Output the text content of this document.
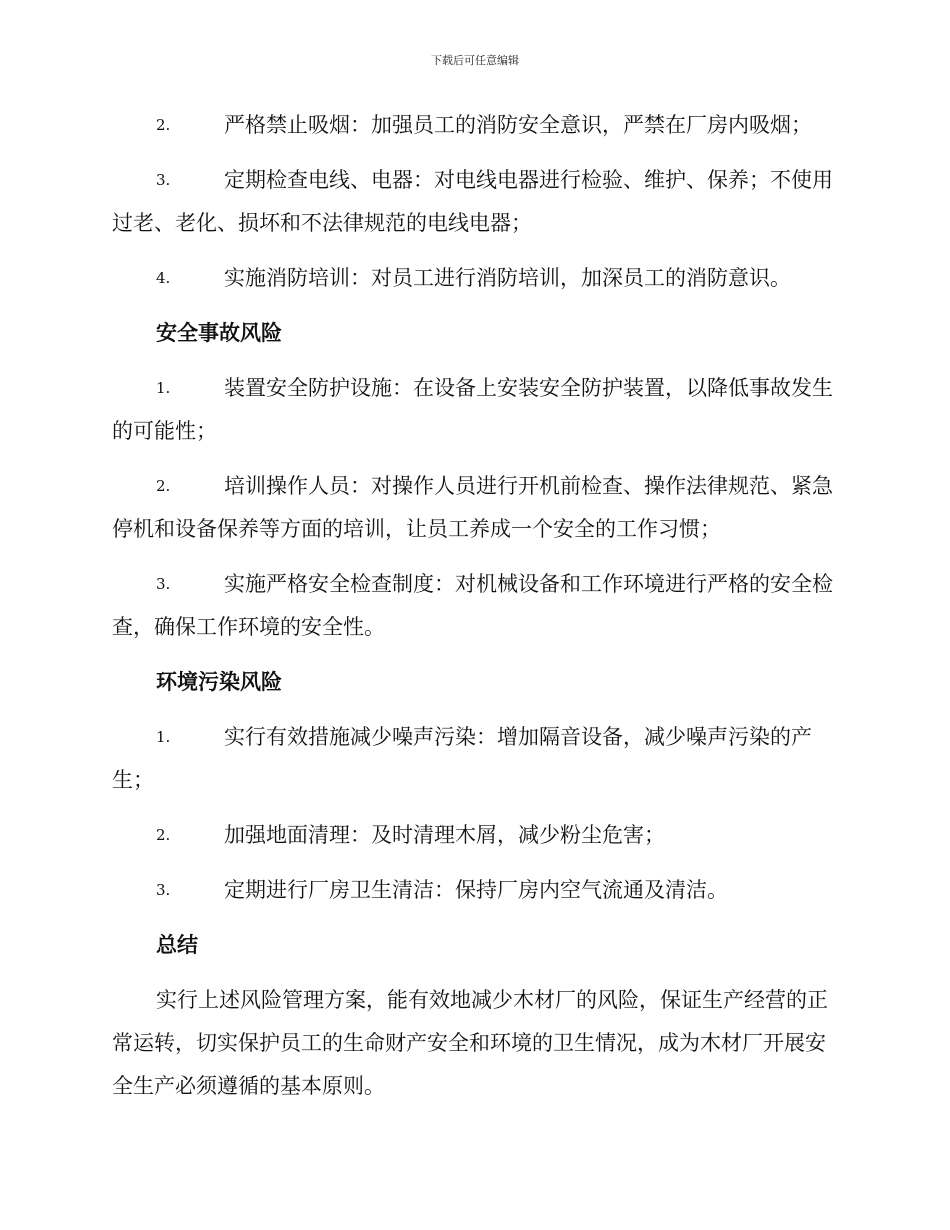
下载后可任意编辑
2.	严格禁止吸烟：加强员工的消防安全意识，严禁在厂房内吸烟；
3.	定期检查电线、电器：对电线电器进行检验、维护、保养；不使用过老、老化、损坏和不法律规范的电线电器；
4.	实施消防培训：对员工进行消防培训，加深员工的消防意识。
安全事故风险
1.	装置安全防护设施：在设备上安装安全防护装置，以降低事故发生的可能性；
2.	培训操作人员：对操作人员进行开机前检查、操作法律规范、紧急停机和设备保养等方面的培训，让员工养成一个安全的工作习惯；
3.	实施严格安全检查制度：对机械设备和工作环境进行严格的安全检查，确保工作环境的安全性。
环境污染风险
1.	实行有效措施减少噪声污染：增加隔音设备，减少噪声污染的产生；
2.	加强地面清理：及时清理木屑，减少粉尘危害；
3.	定期进行厂房卫生清洁：保持厂房内空气流通及清洁。
总结

实行上述风险管理方案，能有效地减少木材厂的风险，保证生产经营的正常运转，切实保护员工的生命财产安全和环境的卫生情况，成为木材厂开展安全生产必须遵循的基本原则。
